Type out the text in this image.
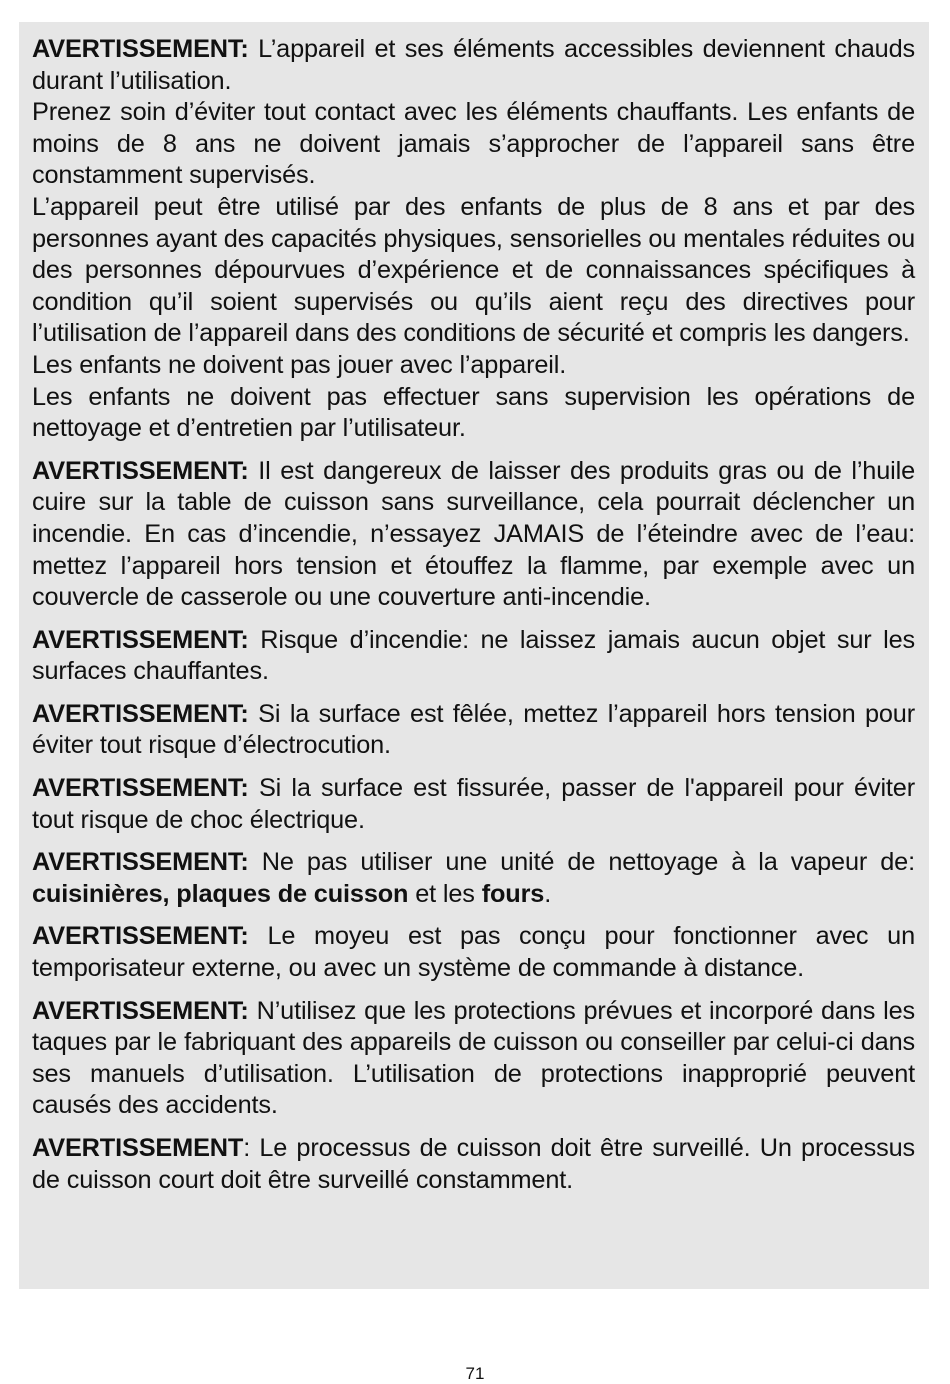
AVERTISSEMENT: L’appareil et ses éléments accessibles deviennent chauds durant l’utilisation.

Prenez soin d’éviter tout contact avec les éléments chauffants. Les enfants de moins de 8 ans ne doivent jamais s’approcher de l’appareil sans être constamment supervisés.

L’appareil peut être utilisé par des enfants de plus de 8 ans et par des personnes ayant des capacités physiques, sensorielles ou mentales réduites ou des personnes dépourvues d’expérience et de connaissances spécifiques à condition qu’il soient supervisés ou qu’ils aient reçu des directives pour l’utilisation de l’appareil dans des conditions de sécurité et compris les dangers.

Les enfants ne doivent pas jouer avec l’appareil.

Les enfants ne doivent pas effectuer sans supervision les opérations de nettoyage et d’entretien par l’utilisateur.

AVERTISSEMENT: Il est dangereux de laisser des produits gras ou de l’huile cuire sur la table de cuisson sans surveillance, cela pourrait déclencher un incendie. En cas d’incendie, n’essayez JAMAIS de l’éteindre avec de l’eau: mettez l’appareil hors tension et étouffez la flamme, par exemple avec un couvercle de casserole ou une couverture anti-incendie.

AVERTISSEMENT: Risque d’incendie: ne laissez jamais aucun objet sur les surfaces chauffantes.

AVERTISSEMENT: Si la surface est fêlée, mettez l’appareil hors tension pour éviter tout risque d’électrocution.

AVERTISSEMENT: Si la surface est fissurée, passer de l'appareil pour éviter tout risque de choc électrique.

AVERTISSEMENT: Ne pas utiliser une unité de nettoyage à la vapeur de: cuisinières, plaques de cuisson et les fours.

AVERTISSEMENT: Le moyeu est pas conçu pour fonctionner avec un temporisateur externe, ou avec un système de commande à distance.

AVERTISSEMENT: N’utilisez que les protections prévues et incorporé dans les taques par le fabriquant des appareils de cuisson ou conseiller par celui-ci dans ses manuels d’utilisation. L’utilisation de protections inapproprié peuvent causés des accidents.

AVERTISSEMENT: Le processus de cuisson doit être surveillé. Un processus de cuisson court doit être surveillé constamment.

71
